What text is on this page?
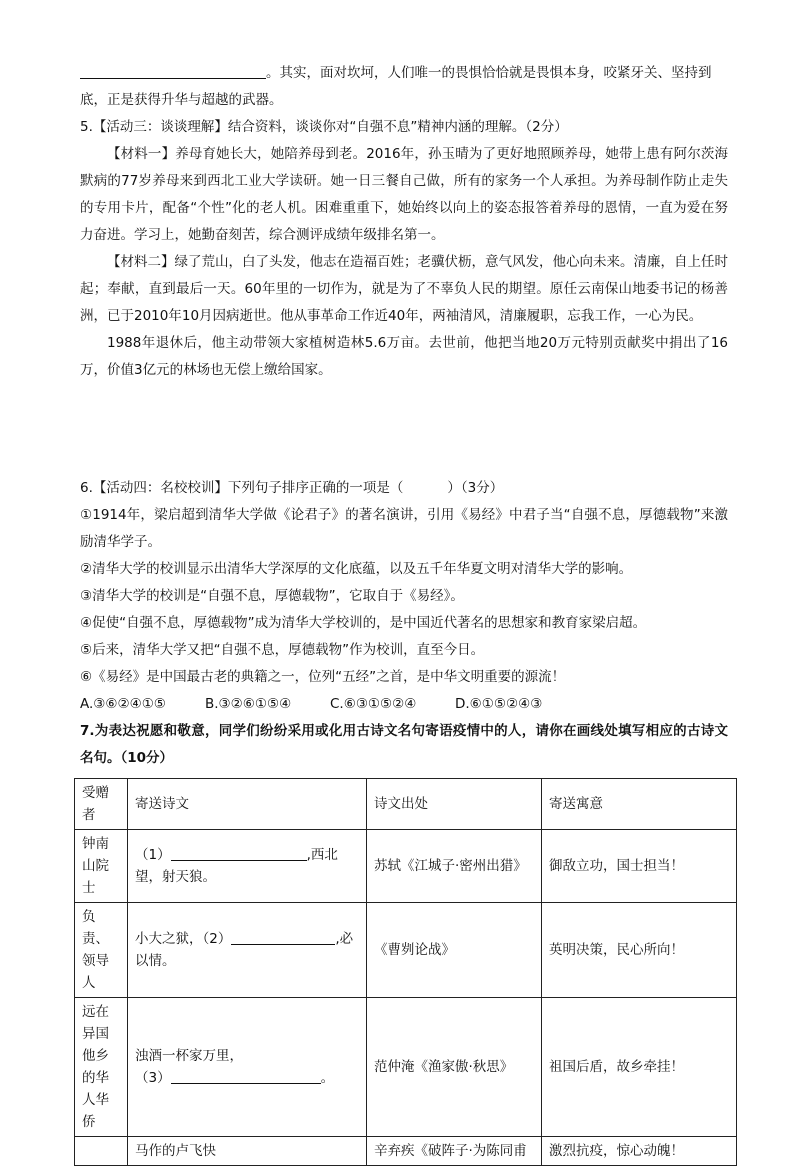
。其实，面对坎坷，人们唯一的畏惧恰恰就是畏惧本身，咬紧牙关、坚持到

底，正是获得升华与超越的武器。

5.【活动三：谈谈理解】结合资料，谈谈你对“自强不息”精神内涵的理解。（2分）

【材料一】养母育她长大，她陪养母到老。2016年，孙玉晴为了更好地照顾养母，她带上患有阿尔茨海默病的77岁养母来到西北工业大学读研。她一日三餐自己做，所有的家务一个人承担。为养母制作防止走失的专用卡片，配备“个性”化的老人机。困难重重下，她始终以向上的姿态报答着养母的恩情，一直为爱在努力奋进。学习上，她勤奋刻苦，综合测评成绩年级排名第一。

【材料二】绿了荒山，白了头发，他志在造福百姓；老骥伏枥，意气风发，他心向未来。清廉，自上任时起；奉献，直到最后一天。60年里的一切作为，就是为了不辜负人民的期望。原任云南保山地委书记的杨善洲，已于2010年10月因病逝世。他从事革命工作近40年，两袖清风，清廉履职，忘我工作，一心为民。

1988年退休后，他主动带领大家植树造林5.6万亩。去世前，他把当地20万元特别贡献奖中捐出了16万，价值3亿元的林场也无偿上缴给国家。

6.【活动四：名校校训】下列句子排序正确的一项是（	）（3分）

①1914年，梁启超到清华大学做《论君子》的著名演讲，引用《易经》中君子当“自强不息，厚德载物”来激励清华学子。

②清华大学的校训显示出清华大学深厚的文化底蕴，以及五千年华夏文明对清华大学的影响。

③清华大学的校训是“自强不息，厚德载物”，它取自于《易经》。

④促使“自强不息，厚德载物”成为清华大学校训的，是中国近代著名的思想家和教育家梁启超。

⑤后来，清华大学又把“自强不息，厚德载物”作为校训，直至今日。

⑥《易经》是中国最古老的典籍之一，位列“五经”之首，是中华文明重要的源流！

A.③⑥②④①⑤	B.③②⑥①⑤④	C.⑥③①⑤②④	D.⑥①⑤②④③

7.为表达祝愿和敬意，同学们纷纷采用或化用古诗文名句寄语疫情中的人，请你在画线处填写相应的古诗文名句。（10分）

受赠者	寄送诗文	诗文出处	寄送寓意
钟南山院士	（1） ,西北望，射天狼。	苏轼《江城子·密州出猎》	御敌立功，国士担当！
负责、领导人	小大之狱，（2） ,必以情。	《曹刿论战》	英明决策，民心所向！
远在异国他乡的华人华侨	浊酒一杯家万里，
（3） 。	范仲淹《渔家傲·秋思》	祖国后盾，故乡牵挂！
	马作的卢飞快	辛弃疾《破阵子·为陈同甫	激烈抗疫，惊心动魄！
